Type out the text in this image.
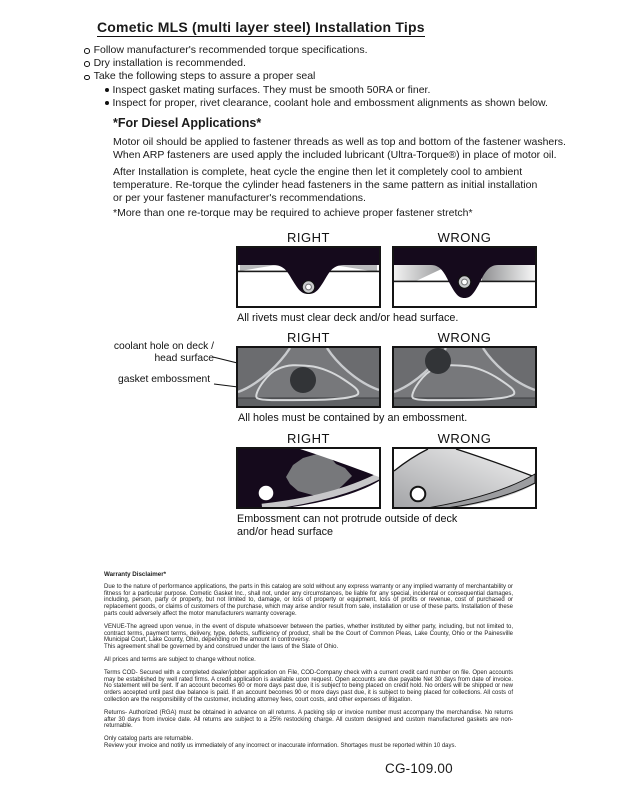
Cometic MLS (multi layer steel) Installation Tips
Follow manufacturer's recommended torque specifications.
Dry installation is recommended.
Take the following steps to assure a proper seal
Inspect gasket mating surfaces. They must be smooth 50RA or finer.
Inspect for proper, rivet clearance, coolant hole and embossment alignments as shown below.
*For Diesel Applications*
Motor oil should be applied to fastener threads as well as top and bottom of the fastener washers.
When ARP fasteners are used apply the included lubricant (Ultra-Torque®) in place of motor oil.
After Installation is complete, heat cycle the engine then let it completely cool to ambient
temperature. Re-torque the cylinder head fasteners in the same pattern as initial installation
or per your fastener manufacturer's recommendations.
*More than one re-torque may be required to achieve proper fastener stretch*
RIGHT	WRONG
All rivets must clear deck and/or head surface.
coolant hole on deck / head surface
gasket embossment
RIGHT	WRONG
All holes must be contained by an embossment.
RIGHT	WRONG
Embossment can not protrude outside of deck
and/or head surface
Warranty Disclaimer*

Due to the nature of performance applications, the parts in this catalog are sold without any express warranty or any implied warranty of merchantability or fitness for a particular purpose. Cometic Gasket Inc., shall not, under any circumstances, be liable for any special, incidental or consequential damages, including, person, party or property, but not limited to, damage, or loss of property or equipment, loss of profits or revenue, cost of purchased or replacement goods, or claims of customers of the purchase, which may arise and/or result from sale, installation or use of these parts. Installation of these parts could adversely affect the motor manufacturers warranty coverage.

VENUE-The agreed upon venue, in the event of dispute whatsoever between the parties, whether instituted by either party, including, but not limited to, contract terms, payment terms, delivery, type, defects, sufficiency of product, shall be the Court of Common Pleas, Lake County, Ohio or the Painesville Municipal Court, Lake County, Ohio, depending on the amount in controversy.

This agreement shall be governed by and construed under the laws of the State of Ohio.

All prices and terms are subject to change without notice.

Terms COD- Secured with a completed dealer/jobber application on File, COD-Company check with a current credit card number on file. Open accounts may be established by well rated firms. A credit application is available upon request. Open accounts are due payable Net 30 days from date of invoice. No statement will be sent. If an account becomes 60 or more days past due, it is subject to being placed on credit hold. No orders will be shipped or new orders accepted until past due balance is paid. If an account becomes 90 or more days past due, it is subject to being placed for collections. All costs of collection are the responsibility of the customer, including attorney fees, court costs, and other expenses of litigation.

Returns- Authorized (RGA) must be obtained in advance on all returns. A packing slip or invoice number must accompany the merchandise. No returns after 30 days from invoice date. All returns are subject to a 25% restocking charge. All custom designed and custom manufactured gaskets are non-returnable.

Only catalog parts are returnable.

Review your invoice and notify us immediately of any incorrect or inaccurate information. Shortages must be reported within 10 days.

CG-109.00
